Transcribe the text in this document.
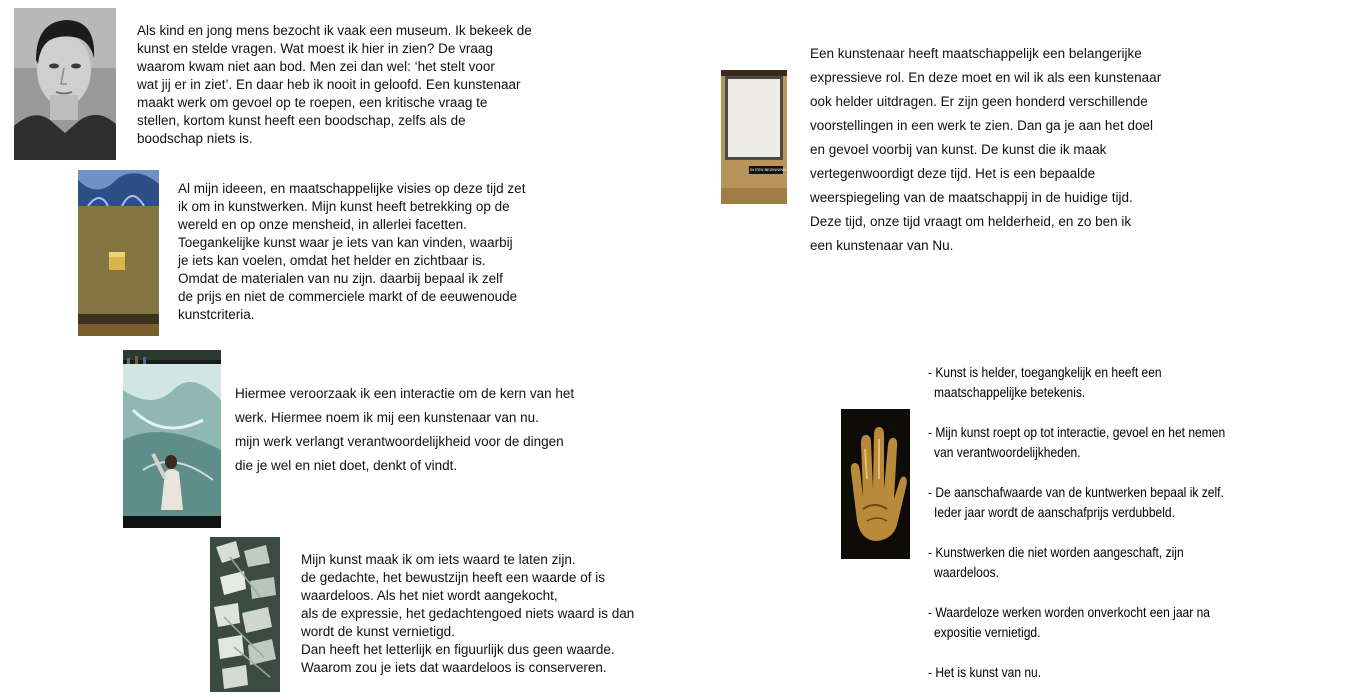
Als kind en jong mens bezocht ik vaak een museum. Ik bekeek de

kunst en stelde vragen. Wat moest ik hier in zien? De vraag

waarom kwam niet aan bod. Men zei dan wel: ‘het stelt voor

wat jij er in ziet’. En daar heb ik nooit in geloofd. Een kunstenaar

maakt werk om gevoel op te roepen, een kritische vraag te

stellen, kortom kunst heeft een boodschap, zelfs als de

boodschap niets is.

Al mijn ideeen, en maatschappelijke visies op deze tijd zet

ik om in kunstwerken. Mijn kunst heeft betrekking op de

wereld en op onze mensheid, in allerlei facetten.

Toegankelijke kunst waar je iets van kan vinden, waarbij

je iets kan voelen, omdat het helder en zichtbaar is.

Omdat de materialen van nu zijn. daarbij bepaal ik zelf

de prijs en niet de commerciele markt of de eeuwenoude

kunstcriteria.

Hiermee veroorzaak ik een interactie om de kern van het

werk. Hiermee noem ik mij een kunstenaar van nu.

mijn werk verlangt verantwoordelijkheid voor de dingen

die je wel en niet doet, denkt of vindt.

Mijn kunst maak ik om iets waard te laten zijn.

de gedachte, het bewustzijn heeft een waarde of is

waardeloos. Als het niet wordt aangekocht,

als de expressie, het gedachtengoed niets waard is dan

wordt de kunst vernietigd.

Dan heeft het letterlijk en figuurlijk dus geen waarde.

Waarom zou je iets dat waardeloos is conserveren.

IN EEN BEZINNING

Een kunstenaar heeft maatschappelijk een belangerijke

expressieve rol. En deze moet en wil ik als een kunstenaar

ook helder uitdragen. Er zijn geen honderd verschillende

voorstellingen in een werk te zien. Dan ga je aan het doel

en gevoel voorbij van kunst. De kunst die ik maak

vertegenwoordigt deze tijd. Het is een bepaalde

weerspiegeling van de maatschappij in de huidige tijd.

Deze tijd, onze tijd vraagt om helderheid, en zo ben ik

een kunstenaar van Nu.

- Kunst is helder, toegangkelijk en heeft een maatschappelijke betekenis.
- Mijn kunst roept op tot interactie, gevoel en het nemen van verantwoordelijkheden.
- De aanschafwaarde van de kuntwerken bepaal ik zelf. Ieder jaar wordt de aanschafprijs verdubbeld.
- Kunstwerken die niet worden aangeschaft, zijn waardeloos.
- Waardeloze werken worden onverkocht een jaar na expositie vernietigd.
- Het is kunst van nu.
